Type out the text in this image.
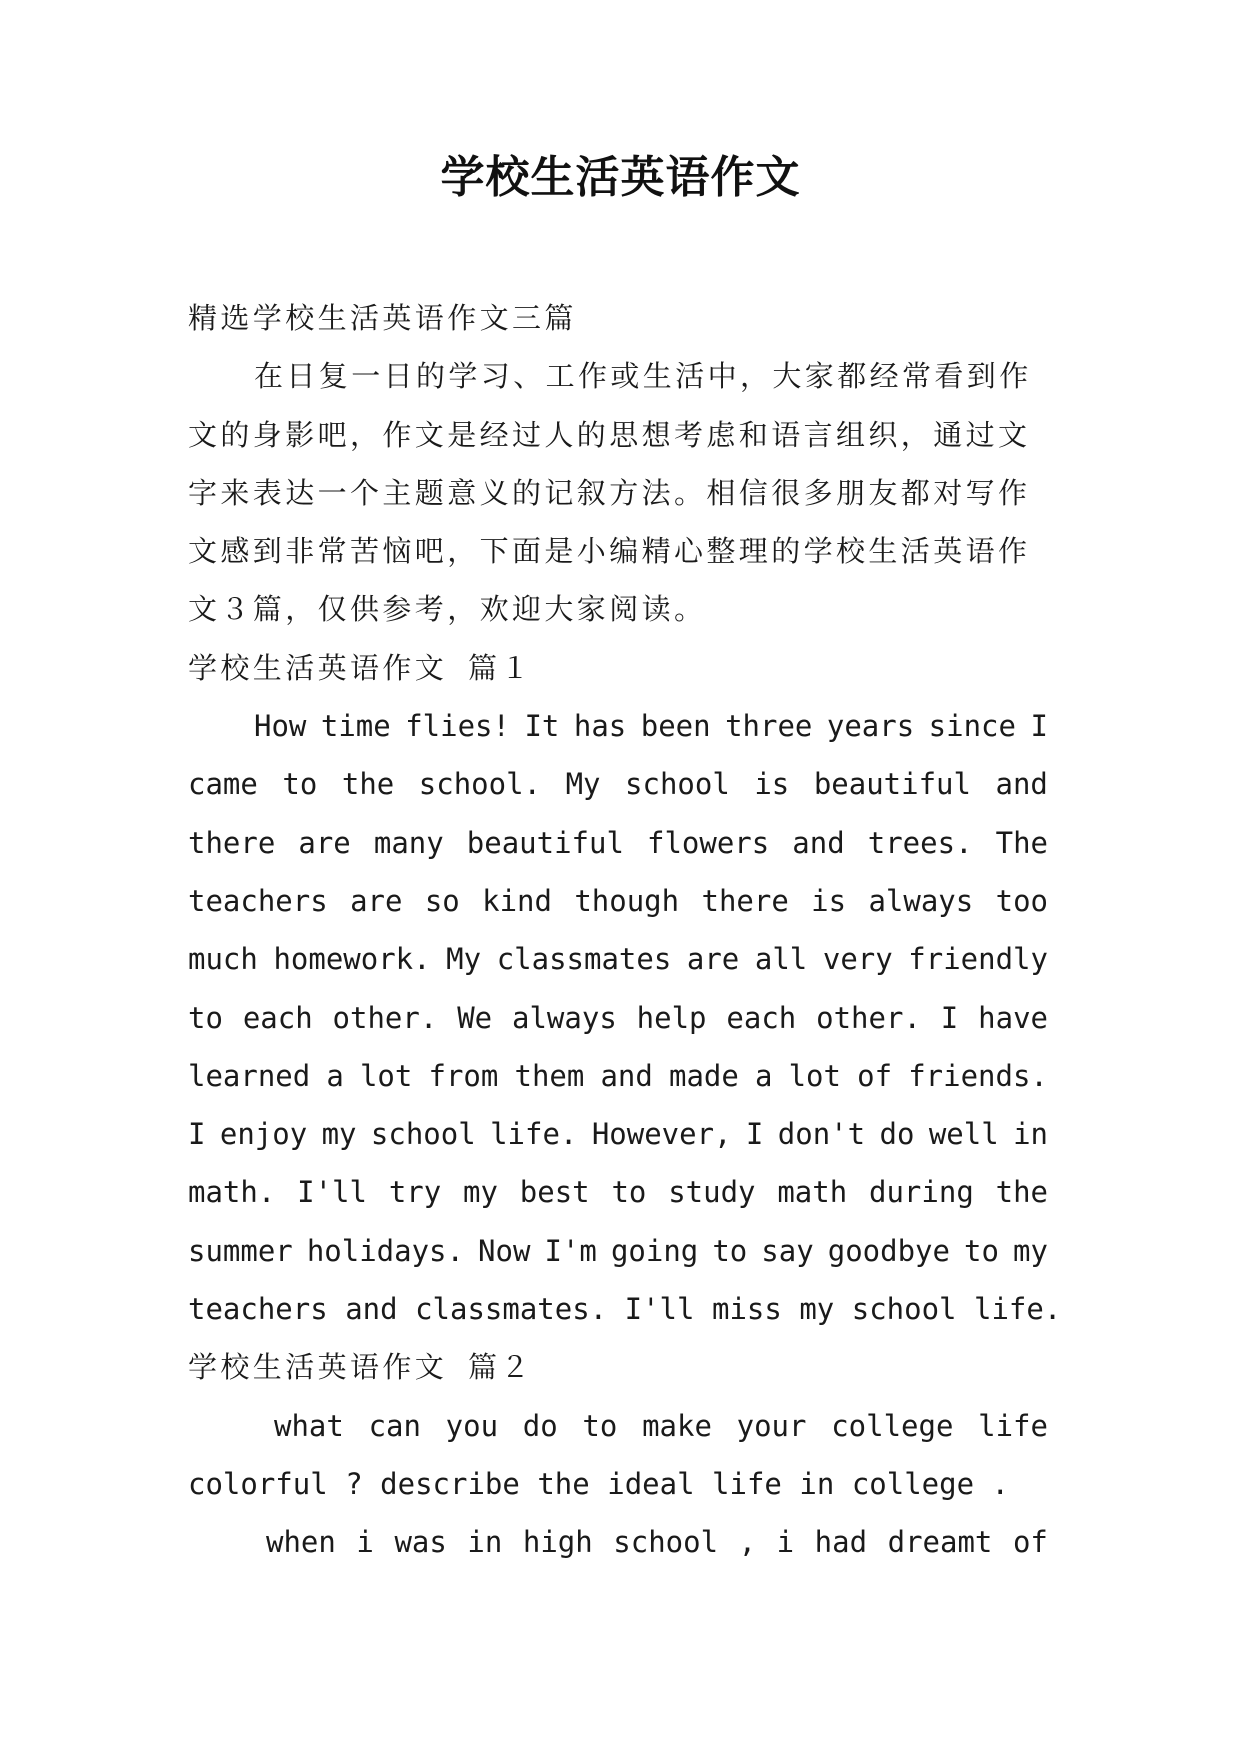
学校生活英语作文
精选学校生活英语作文三篇
在日复一日的学习、工作或生活中，大家都经常看到作
文的身影吧，作文是经过人的思想考虑和语言组织，通过文
字来表达一个主题意义的记叙方法。相信很多朋友都对写作
文感到非常苦恼吧，下面是小编精心整理的学校生活英语作
文３篇，仅供参考，欢迎大家阅读。
学校生活英语作文 篇１
How time flies! It has been three years since I
came to the school. My school is beautiful and
there are many beautiful flowers and trees. The
teachers are so kind though there is always too
much homework. My classmates are all very friendly
to each other. We always help each other. I have
learned a lot from them and made a lot of friends.
I enjoy my school life. However, I don't do well in
math. I'll try my best to study math during the
summer holidays. Now I'm going to say goodbye to my
teachers and classmates. I'll miss my school life.
学校生活英语作文 篇２
what can you do to make your college life
colorful ? describe the ideal life in college .
when i was in high school , i had dreamt of
